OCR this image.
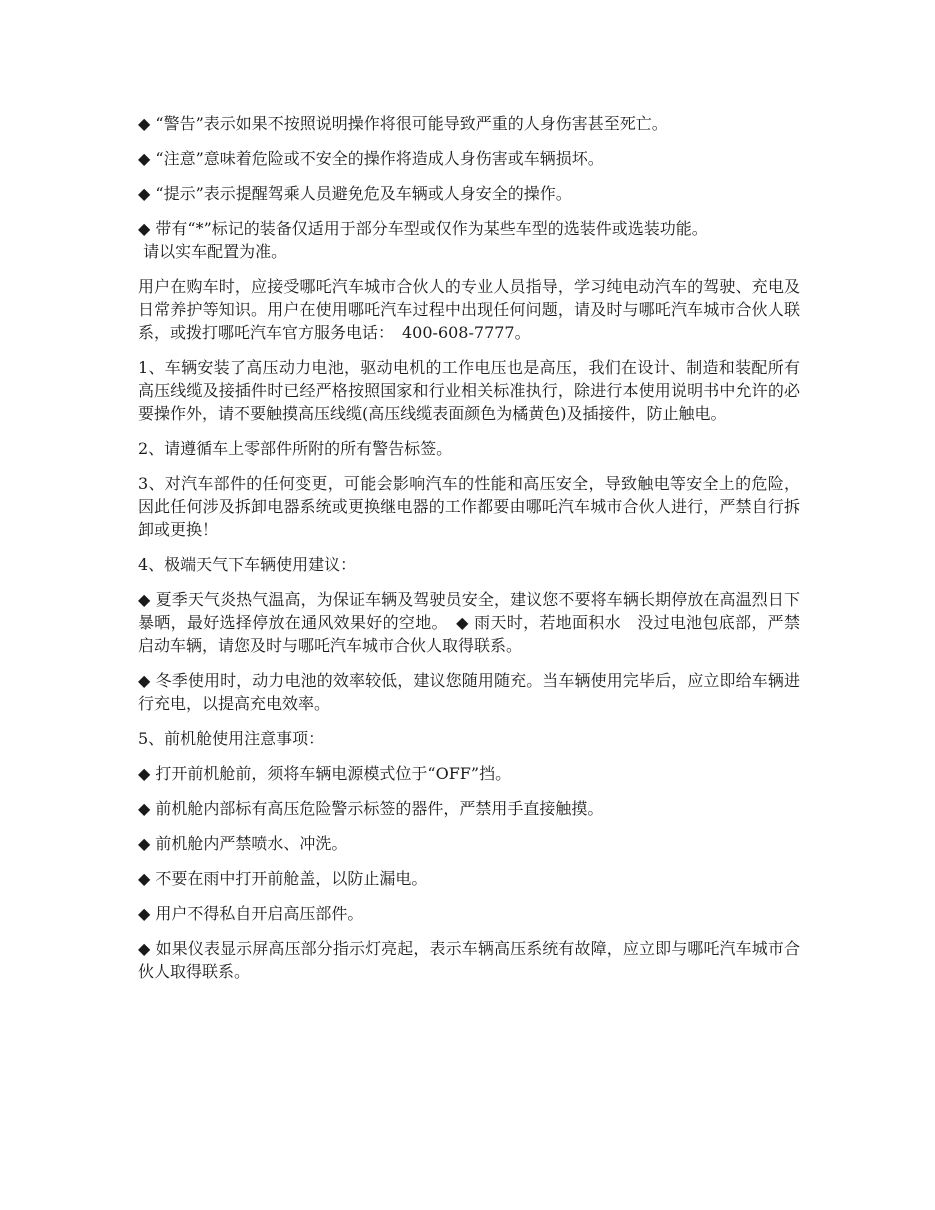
◆ “警告”表示如果不按照说明操作将很可能导致严重的人身伤害甚至死亡。

◆ “注意”意味着危险或不安全的操作将造成人身伤害或车辆损坏。

◆ “提示”表示提醒驾乘人员避免危及车辆或人身安全的操作。

◆ 带有“*”标记的装备仅适用于部分车型或仅作为某些车型的选装件或选装功能。
请以实车配置为准。

用户在购车时，应接受哪吒汽车城市合伙人的专业人员指导，学习纯电动汽车的驾驶、充电及日常养护等知识。用户在使用哪吒汽车过程中出现任何问题，请及时与哪吒汽车城市合伙人联系，或拨打哪吒汽车官方服务电话：　400-608-7777。

1、车辆安装了高压动力电池，驱动电机的工作电压也是高压，我们在设计、制造和装配所有高压线缆及接插件时已经严格按照国家和行业相关标准执行，除进行本使用说明书中允许的必要操作外，请不要触摸高压线缆(高压线缆表面颜色为橘黄色)及插接件，防止触电。

2、请遵循车上零部件所附的所有警告标签。

3、对汽车部件的任何变更，可能会影响汽车的性能和高压安全，导致触电等安全上的危险，因此任何涉及拆卸电器系统或更换继电器的工作都要由哪吒汽车城市合伙人进行，严禁自行拆卸或更换！

4、极端天气下车辆使用建议：

◆ 夏季天气炎热气温高，为保证车辆及驾驶员安全，建议您不要将车辆长期停放在高温烈日下暴晒，最好选择停放在通风效果好的空地。　◆ 雨天时，若地面积水　没过电池包底部，严禁启动车辆，请您及时与哪吒汽车城市合伙人取得联系。

◆ 冬季使用时，动力电池的效率较低，建议您随用随充。当车辆使用完毕后，应立即给车辆进行充电，以提高充电效率。

5、前机舱使用注意事项：

◆ 打开前机舱前，须将车辆电源模式位于“OFF”挡。

◆ 前机舱内部标有高压危险警示标签的器件，严禁用手直接触摸。

◆ 前机舱内严禁喷水、冲洗。

◆ 不要在雨中打开前舱盖，以防止漏电。

◆ 用户不得私自开启高压部件。

◆ 如果仪表显示屏高压部分指示灯亮起，表示车辆高压系统有故障，应立即与哪吒汽车城市合伙人取得联系。
